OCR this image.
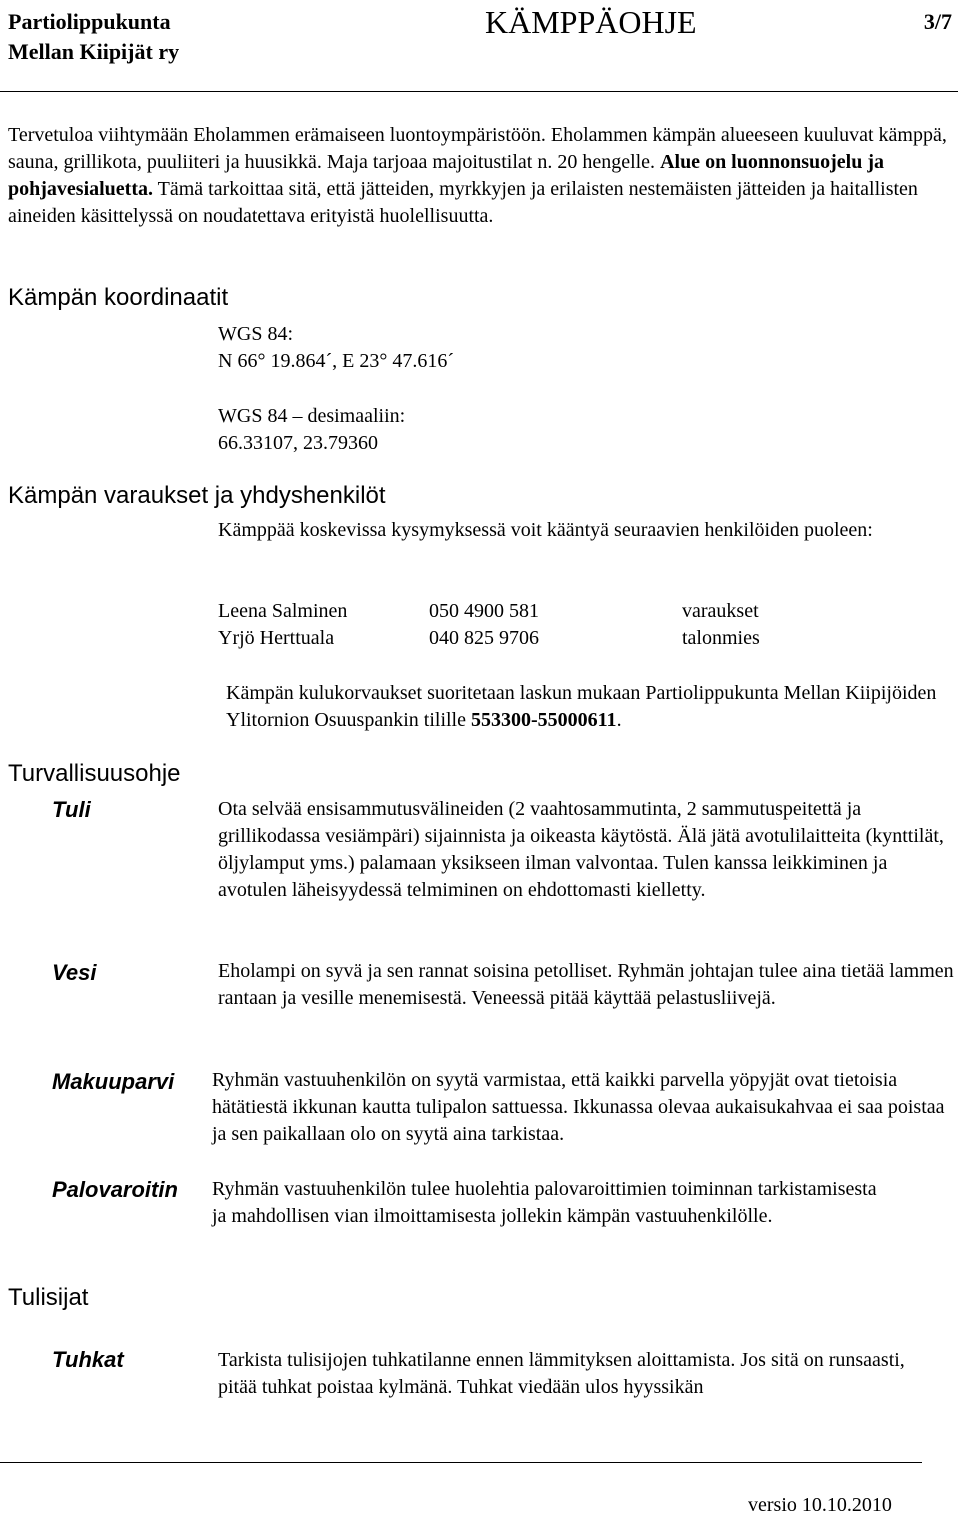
Partiolippukunta
Mellan Kiipijät ry
KÄMPPÄOHJE	3/7
Tervetuloa viihtymään Eholammen erämaiseen luontoympäristöön. Eholammen kämpän alueeseen kuuluvat kämppä, sauna, grillikota, puuliiteri ja huusikkä. Maja tarjoaa majoitustilat n. 20 hengelle. Alue on luonnonsuojelu ja pohjavesialuetta. Tämä tarkoittaa sitä, että jätteiden, myrkkyjen ja erilaisten nestemäisten jätteiden ja haitallisten aineiden käsittelyssä on noudatettava erityistä huolellisuutta.
Kämpän koordinaatit
WGS 84:
N 66° 19.864´, E 23° 47.616´
WGS 84 – desimaaliin:
66.33107, 23.79360
Kämpän varaukset ja yhdyshenkilöt
Kämppää koskevissa kysymyksessä voit kääntyä seuraavien henkilöiden puoleen:
Leena Salminen	050 4900 581	varaukset
Yrjö Herttuala	040 825 9706	talonmies
Kämpän kulukorvaukset suoritetaan laskun mukaan Partiolippukunta Mellan Kiipijöiden Ylitornion Osuuspankin tilille 553300-55000611.
Turvallisuusohje
Tuli	Ota selvää ensisammutusvälineiden (2 vaahtosammutinta, 2 sammutuspeitettä ja grillikodassa vesiämpäri) sijainnista ja oikeasta käytöstä. Älä jätä avotulilaitteita (kynttilät, öljylamput yms.) palamaan yksikseen ilman valvontaa. Tulen kanssa leikkiminen ja avotulen läheisyydessä telmiminen on ehdottomasti kielletty.
Vesi	Eholampi on syvä ja sen rannat soisina petolliset. Ryhmän johtajan tulee aina tietää lammen rantaan ja vesille menemisestä. Veneessä pitää käyttää pelastusliivejä.
Makuuparvi Ryhmän vastuuhenkilön on syytä varmistaa, että kaikki parvella yöpyjät ovat tietoisia hätätiestä ikkunan kautta tulipalon sattuessa. Ikkunassa olevaa aukaisukahvaa ei saa poistaa ja sen paikallaan olo on syytä aina tarkistaa.
Palovaroitin Ryhmän vastuuhenkilön tulee huolehtia palovaroittimien toiminnan tarkistamisesta ja mahdollisen vian ilmoittamisesta jollekin kämpän vastuuhenkilölle.
Tulisijat
Tuhkat	Tarkista tulisijojen tuhkatilanne ennen lämmityksen aloittamista. Jos sitä on runsaasti, pitää tuhkat poistaa kylmänä. Tuhkat viedään ulos hyyssikän
versio 10.10.2010
